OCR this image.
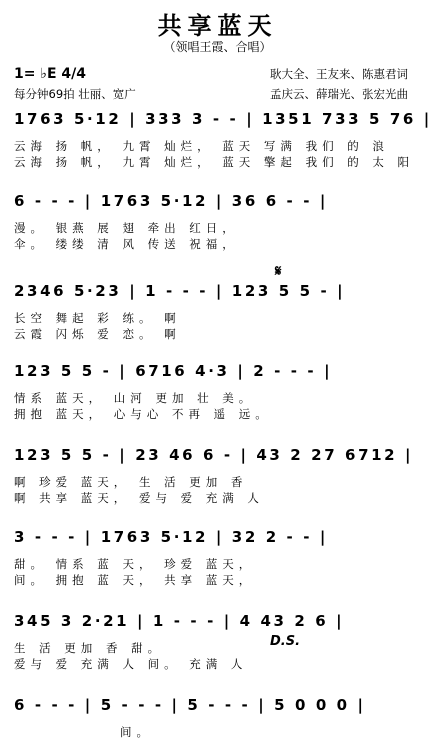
共享蓝天
（领唱王霞、合唱）
1= ♭E 4/4
每分钟69拍 壮丽、宽广
耿大全、王友来、陈惠君词
孟庆云、薛瑞光、张宏光曲
1763 5·12 | 333 3 - - | 1351 733 5 76 |
云海 扬 帆， 九霄 灿烂， 蓝天 写满 我们 的 浪
云海 扬 帆， 九霄 灿烂， 蓝天 擎起 我们 的 太 阳
6 - - - | 1763 5·12 | 36 6 - - |
漫。 银燕 展 翅 牵出 红日，
伞。 缕缕 清 风 传送 祝福，
𝄋
2346 5·23 | 1 - - - | 123 5 5 - |
长空 舞起 彩 练。 啊
云霞 闪烁 爱 恋。 啊
123 5 5 - | 6716 4·3 | 2 - - - |
情系 蓝天， 山河 更加 壮 美。
拥抱 蓝天， 心与心 不再 遥 远。
123 5 5 - | 23 46 6 - | 43 2 27 6712 |
啊 珍爱 蓝天， 生 活 更加 香
啊 共享 蓝天， 爱与 爱 充满 人
3 - - - | 1763 5·12 | 32 2 - - |
甜。 情系 蓝 天， 珍爱 蓝天，
间。 拥抱 蓝 天， 共享 蓝天，
345 3 2·21 | 1 - - - | 4 43 2 6 |
D.S.
生 活 更加 香 甜。
爱与 爱 充满 人 间。 充满 人
6 - - - | 5 - - - | 5 - - - | 5 0 0 0 |
间。
